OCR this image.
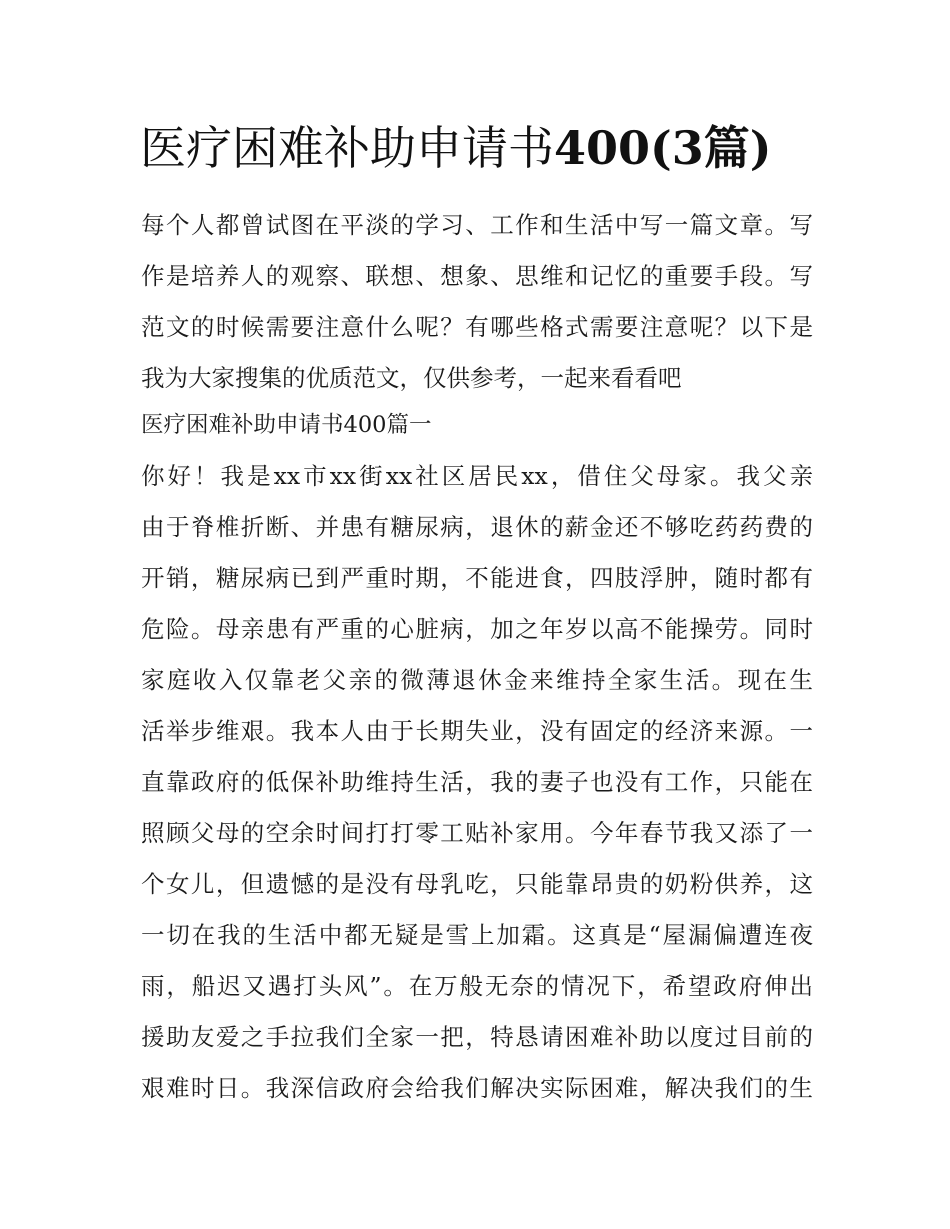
医疗困难补助申请书400(3篇)
每个人都曾试图在平淡的学习、工作和生活中写一篇文章。写
作是培养人的观察、联想、想象、思维和记忆的重要手段。写
范文的时候需要注意什么呢？有哪些格式需要注意呢？以下是
我为大家搜集的优质范文，仅供参考，一起来看看吧
医疗困难补助申请书400篇一
你好！我是xx市xx街xx社区居民xx，借住父母家。我父亲
由于脊椎折断、并患有糖尿病，退休的薪金还不够吃药药费的
开销，糖尿病已到严重时期，不能进食，四肢浮肿，随时都有
危险。母亲患有严重的心脏病，加之年岁以高不能操劳。同时
家庭收入仅靠老父亲的微薄退休金来维持全家生活。现在生
活举步维艰。我本人由于长期失业，没有固定的经济来源。一
直靠政府的低保补助维持生活，我的妻子也没有工作，只能在
照顾父母的空余时间打打零工贴补家用。今年春节我又添了一
个女儿，但遗憾的是没有母乳吃，只能靠昂贵的奶粉供养，这
一切在我的生活中都无疑是雪上加霜。这真是“屋漏偏遭连夜
雨，船迟又遇打头风”。在万般无奈的情况下，希望政府伸出
援助友爱之手拉我们全家一把，特恳请困难补助以度过目前的
艰难时日。我深信政府会给我们解决实际困难，解决我们的生
